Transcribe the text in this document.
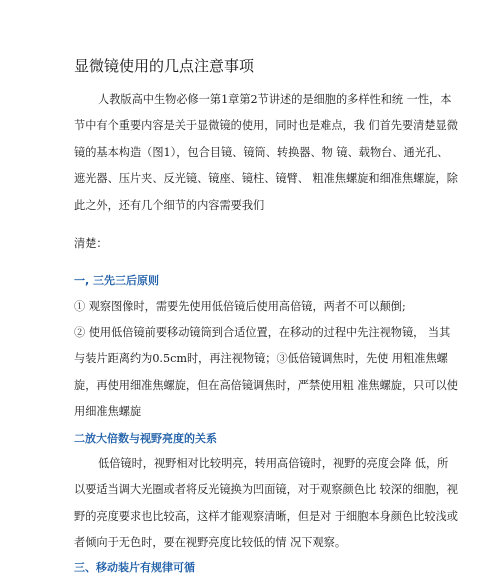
显微镜使用的几点注意事项
人教版高中生物必修一第1章第2节讲述的是细胞的多样性和统 一性，本
节中有个重要内容是关于显微镜的使用，同时也是难点，我 们首先要清楚显微
镜的基本构造（图1），包合目镜、镜筒、转换器、物 镜、载物台、通光孔、
遮光器、压片夹、反光镜、镜座、镜柱、镜臂、 粗准焦螺旋和细准焦螺旋，除
此之外，还有几个细节的内容需要我们
清楚：
一, 三先三后原则
① 观察图像时，需要先使用低倍镜后使用高倍镜，两者不可以颠倒;
② 使用低倍镜前要移动镜筒到合适位置，在移动的过程中先注视物镜， 当其
与装片距离约为0.5cm时，再注视物镜；③低倍镜调焦时，先使 用粗准焦螺
旋，再使用细准焦螺旋，但在高倍镜调焦时，严禁使用粗 准焦螺旋，只可以使
用细准焦螺旋
二放大倍数与视野亮度的关系
低倍镜时，视野相对比较明亮，转用高倍镜时，视野的亮度会降 低，所
以要适当调大光圈或者将反光镜换为凹面镜，对于观察颜色比 较深的细胞，视
野的亮度要求也比较高，这样才能观察清晰，但是对 于细胞本身颜色比较浅或
者倾向于无色时，要在视野亮度比较低的情 况下观察。
三、移动装片有规律可循
